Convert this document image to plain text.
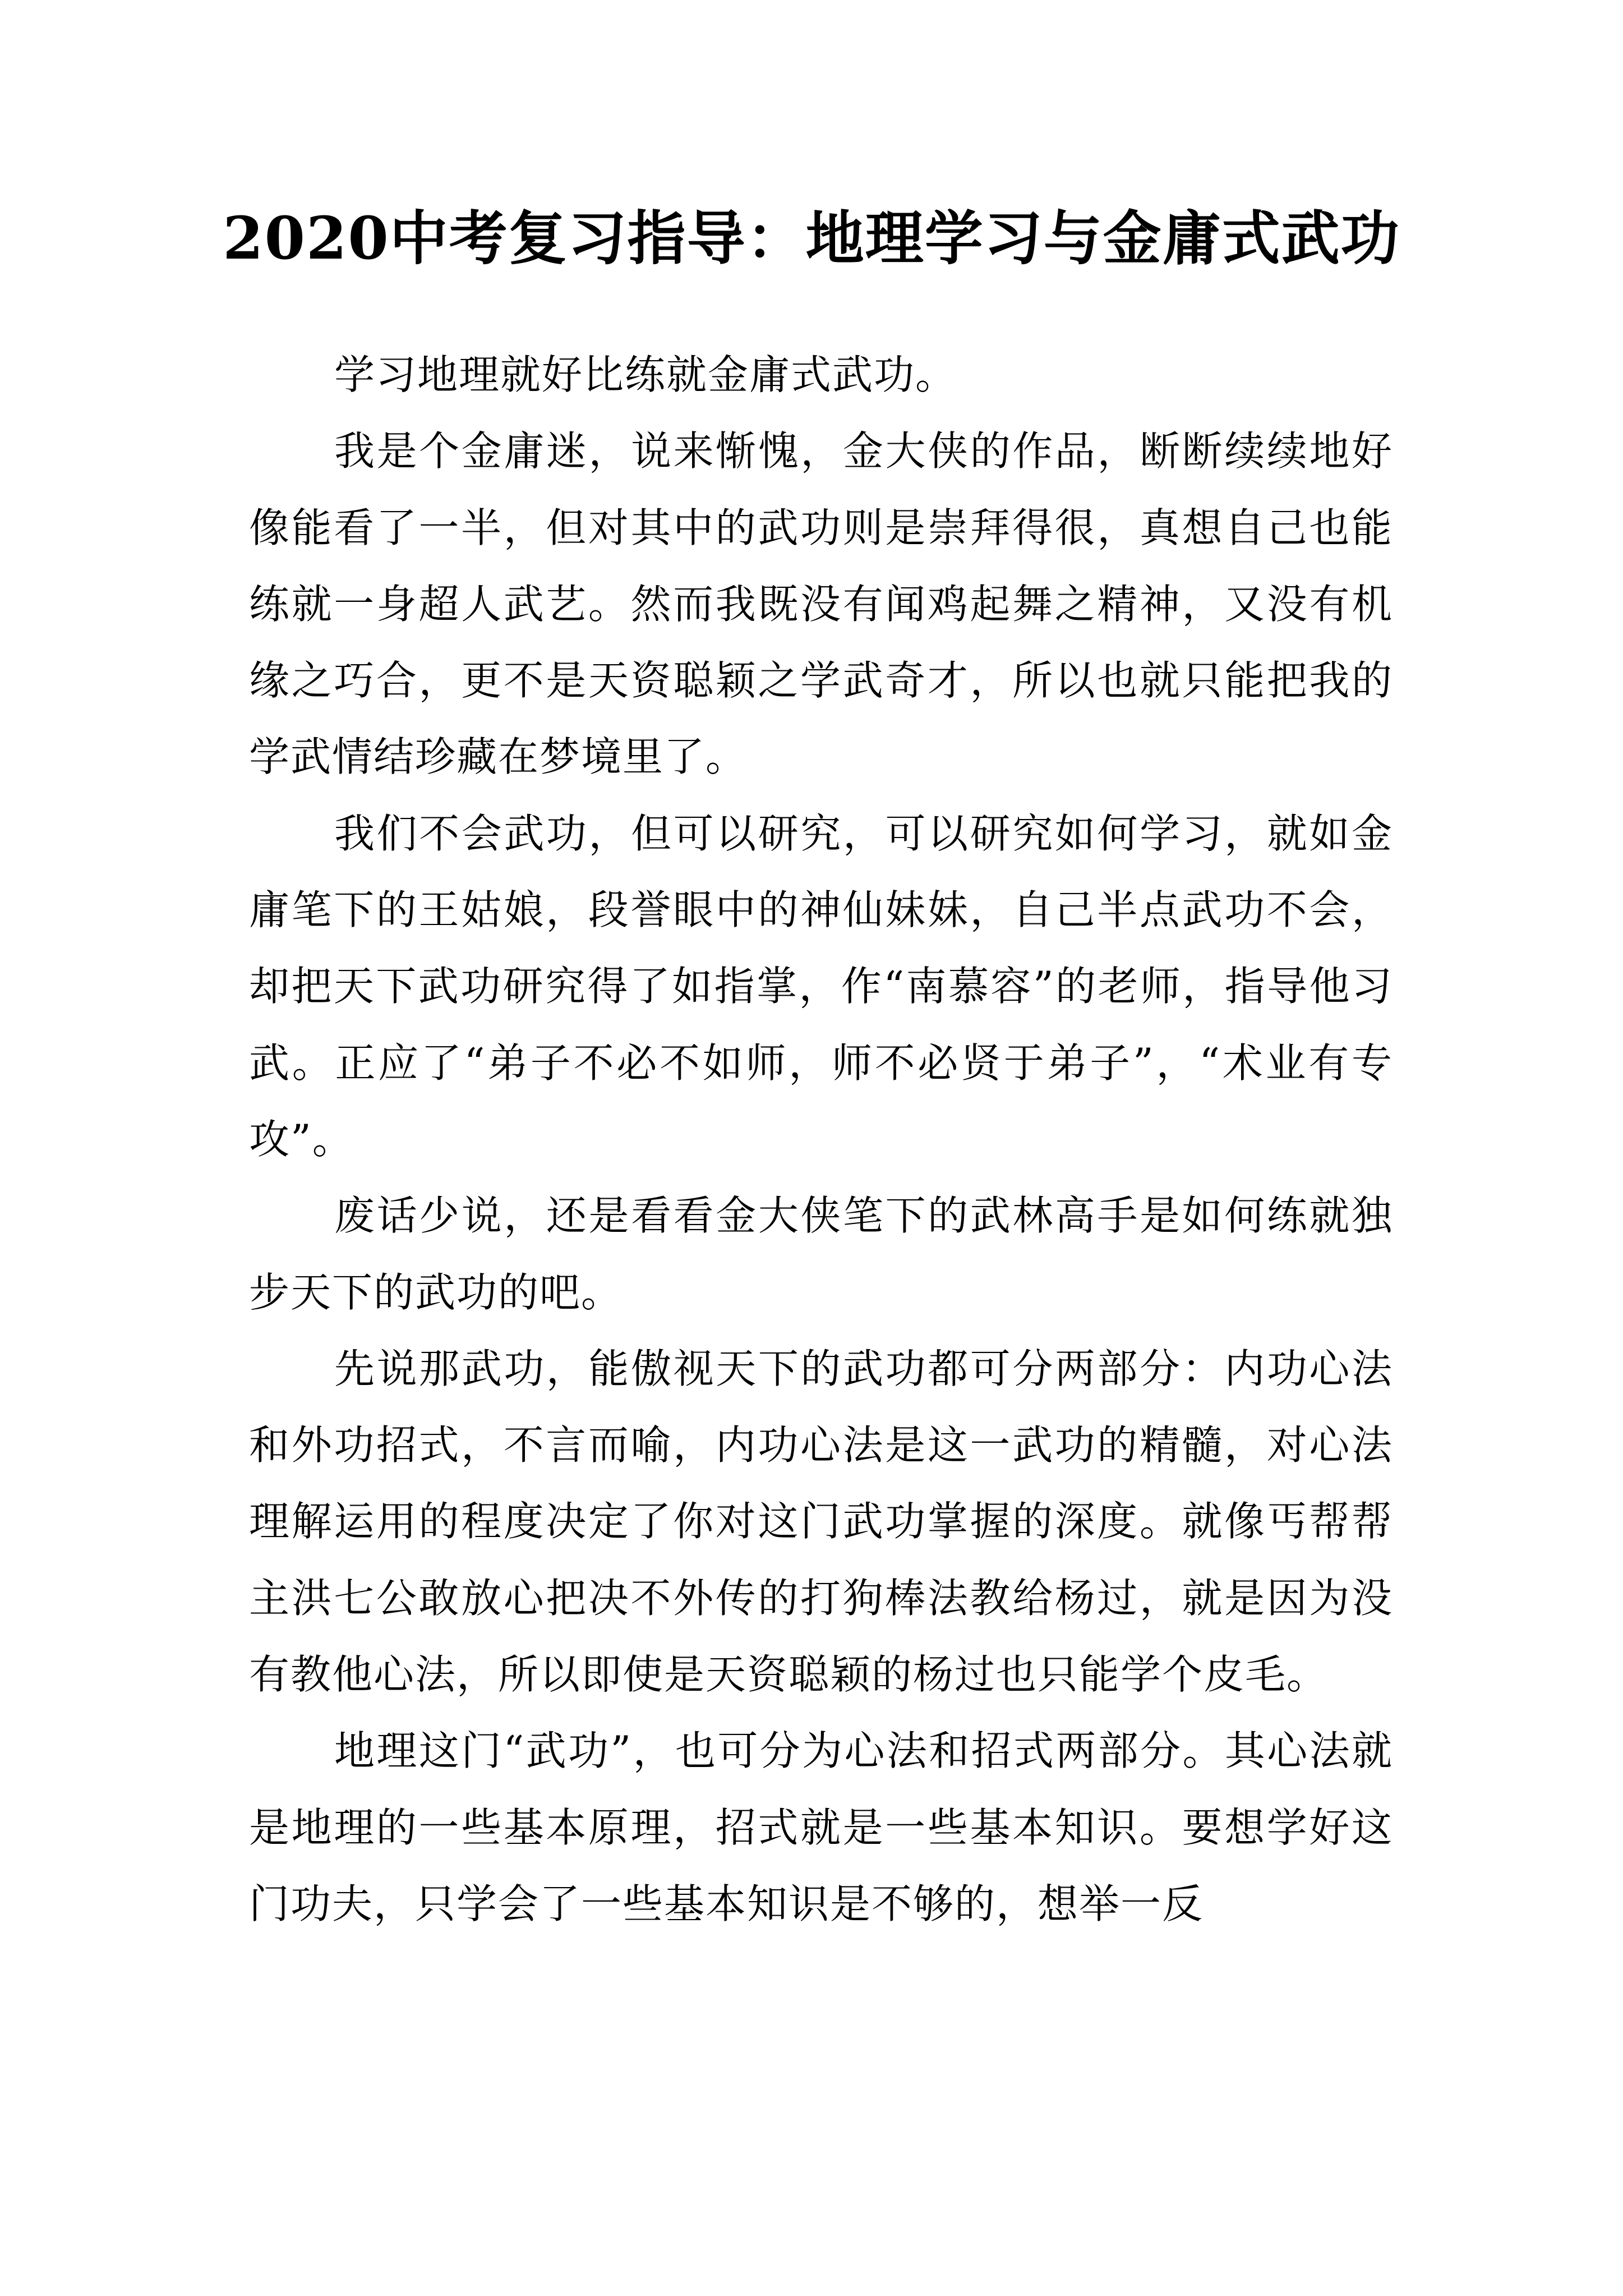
2020中考复习指导：地理学习与金庸式武功

学习地理就好比练就金庸式武功。

我是个金庸迷，说来惭愧，金大侠的作品，断断续续地好像能看了一半，但对其中的武功则是崇拜得很，真想自己也能练就一身超人武艺。然而我既没有闻鸡起舞之精神，又没有机缘之巧合，更不是天资聪颖之学武奇才，所以也就只能把我的学武情结珍藏在梦境里了。

我们不会武功，但可以研究，可以研究如何学习，就如金庸笔下的王姑娘，段誉眼中的神仙妹妹，自己半点武功不会，却把天下武功研究得了如指掌，作“南慕容”的老师，指导他习武。正应了“弟子不必不如师，师不必贤于弟子”，“术业有专攻”。

废话少说，还是看看金大侠笔下的武林高手是如何练就独步天下的武功的吧。

先说那武功，能傲视天下的武功都可分两部分：内功心法和外功招式，不言而喻，内功心法是这一武功的精髓，对心法理解运用的程度决定了你对这门武功掌握的深度。就像丐帮帮主洪七公敢放心把决不外传的打狗棒法教给杨过，就是因为没有教他心法，所以即使是天资聪颖的杨过也只能学个皮毛。

地理这门“武功”，也可分为心法和招式两部分。其心法就是地理的一些基本原理，招式就是一些基本知识。要想学好这门功夫，只学会了一些基本知识是不够的，想举一反
